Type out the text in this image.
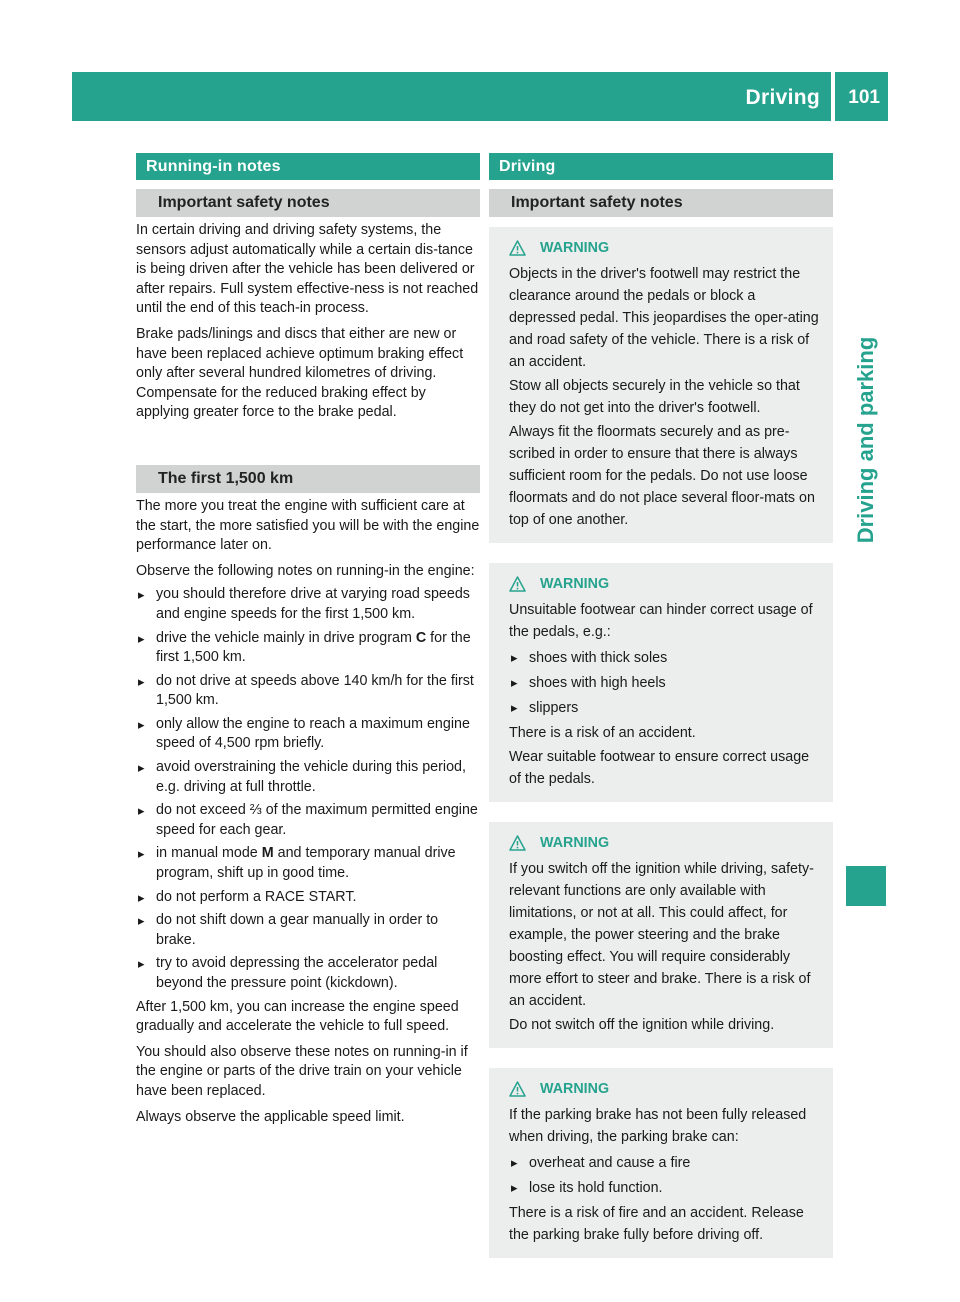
Driving 101
Driving and parking
Running-in notes
Important safety notes

In certain driving and driving safety systems, the sensors adjust automatically while a certain dis-tance is being driven after the vehicle has been delivered or after repairs. Full system effective-ness is not reached until the end of this teach-in process.

Brake pads/linings and discs that either are new or have been replaced achieve optimum braking effect only after several hundred kilometres of driving. Compensate for the reduced braking effect by applying greater force to the brake pedal.

The first 1,500 km

The more you treat the engine with sufficient care at the start, the more satisfied you will be with the engine performance later on.

Observe the following notes on running-in the engine:

▸ you should therefore drive at varying road speeds and engine speeds for the first 1,500 km.
▸ drive the vehicle mainly in drive program C for the first 1,500 km.
▸ do not drive at speeds above 140 km/h for the first 1,500 km.
▸ only allow the engine to reach a maximum engine speed of 4,500 rpm briefly.
▸ avoid overstraining the vehicle during this period, e.g. driving at full throttle.
▸ do not exceed ⅔ of the maximum permitted engine speed for each gear.
▸ in manual mode M and temporary manual drive program, shift up in good time.
▸ do not perform a RACE START.
▸ do not shift down a gear manually in order to brake.
▸ try to avoid depressing the accelerator pedal beyond the pressure point (kickdown).

After 1,500 km, you can increase the engine speed gradually and accelerate the vehicle to full speed.

You should also observe these notes on running-in if the engine or parts of the drive train on your vehicle have been replaced.

Always observe the applicable speed limit.

Driving
Important safety notes
WARNING

Objects in the driver's footwell may restrict the clearance around the pedals or block a depressed pedal. This jeopardises the oper-ating and road safety of the vehicle. There is a risk of an accident.

Stow all objects securely in the vehicle so that they do not get into the driver's footwell.

Always fit the floormats securely and as pre-scribed in order to ensure that there is always sufficient room for the pedals. Do not use loose floormats and do not place several floor-mats on top of one another.

WARNING

Unsuitable footwear can hinder correct usage of the pedals, e.g.:

▸ shoes with thick soles
▸ shoes with high heels
▸ slippers

There is a risk of an accident.

Wear suitable footwear to ensure correct usage of the pedals.

WARNING

If you switch off the ignition while driving, safety-relevant functions are only available with limitations, or not at all. This could affect, for example, the power steering and the brake boosting effect. You will require considerably more effort to steer and brake. There is a risk of an accident.

Do not switch off the ignition while driving.

WARNING

If the parking brake has not been fully released when driving, the parking brake can:

▸ overheat and cause a fire
▸ lose its hold function.

There is a risk of fire and an accident. Release the parking brake fully before driving off.
